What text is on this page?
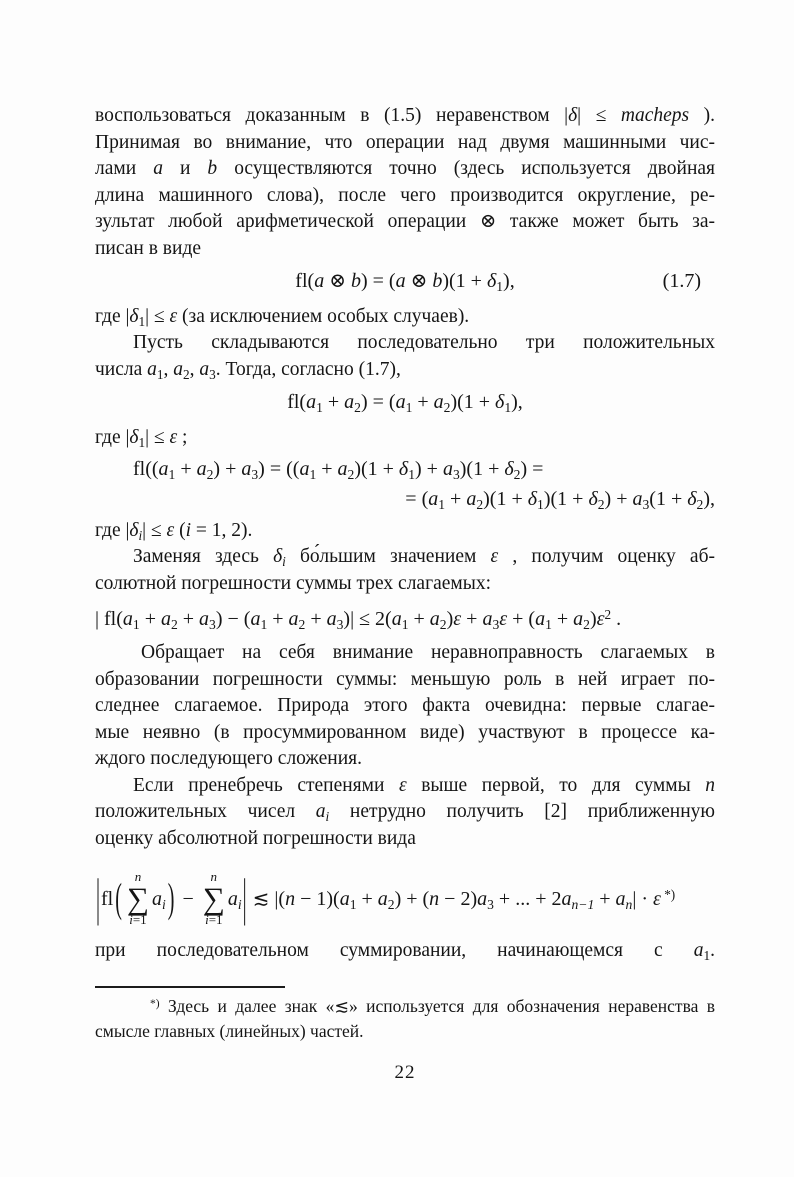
воспользоваться доказанным в (1.5) неравенством |δ| ≤ macheps ).
Принимая во внимание, что операции над двумя машинными чис-
лами a и b осуществляются точно (здесь используется двойная
длина машинного слова), после чего производится округление, ре-
зультат любой арифметической операции ⊗ также может быть за-
писан в виде
fl(a ⊗ b) = (a ⊗ $b)(1 + \delta_1)$,	(1.7)
где $|\delta_1| \le \varepsilon$ (за исключением особых случаев).
Пусть складываются последовательно три положительных
числа $a_1$, $a_2$, $a_3$. Тогда, согласно (1.7),
$fl(a_1 + a_2) = (a_1 + a_2)(1 + \delta_1)$,
где $|\delta_1| \le \varepsilon$ ;
$fl((a_1 + a_2) + a_3) = ((a_1 + a_2)(1 + \delta_1) + a_3)(1 + \delta_2)$ =
= $(a_1 + a_2)(1 + \delta_1)(1 + \delta_2) + a_3(1 + \delta_2)$,
где $|\delta_i| \le \varepsilon$ (i = 1, 2).
Заменяя здесь $\delta_i$ бо́льшим значением ε , получим оценку аб-
солютной погрешности суммы трех слагаемых:
| $fl(a_1 + a_2 + a_3) - (a_1 + a_2 + a_3)| \le 2(a_1 + a_2)\varepsilon + a_3\varepsilon + (a_1 + a_2)\varepsilon^2$ .
Обращает на себя внимание неравноправность слагаемых в
образовании погрешности суммы: меньшую роль в ней играет по-
следнее слагаемое. Природа этого факта очевидна: первые слагае-
мые неявно (в просуммированном виде) участвуют в процессе ка-
ждого последующего сложения.
Если пренебречь степенями ε выше первой, то для суммы n
положительных чисел $a_i$ нетрудно получить [2] приближенную
оценку абсолютной погрешности вида
| fl ( n
∑
i=1
$a_i$ ) −
n
∑
i=1
$a_i$ | ≲ $|(n - 1)(a_1 + a_2) + (n - 2)a_3$ + ... + $2a_{n-1} + a_n| \cdot \varepsilon$ *)
при последовательном суммировании, начинающемся с $a_1$.
*) Здесь и далее знак «≲» используется для обозначения неравенства в
смысле главных (линейных) частей.
22
